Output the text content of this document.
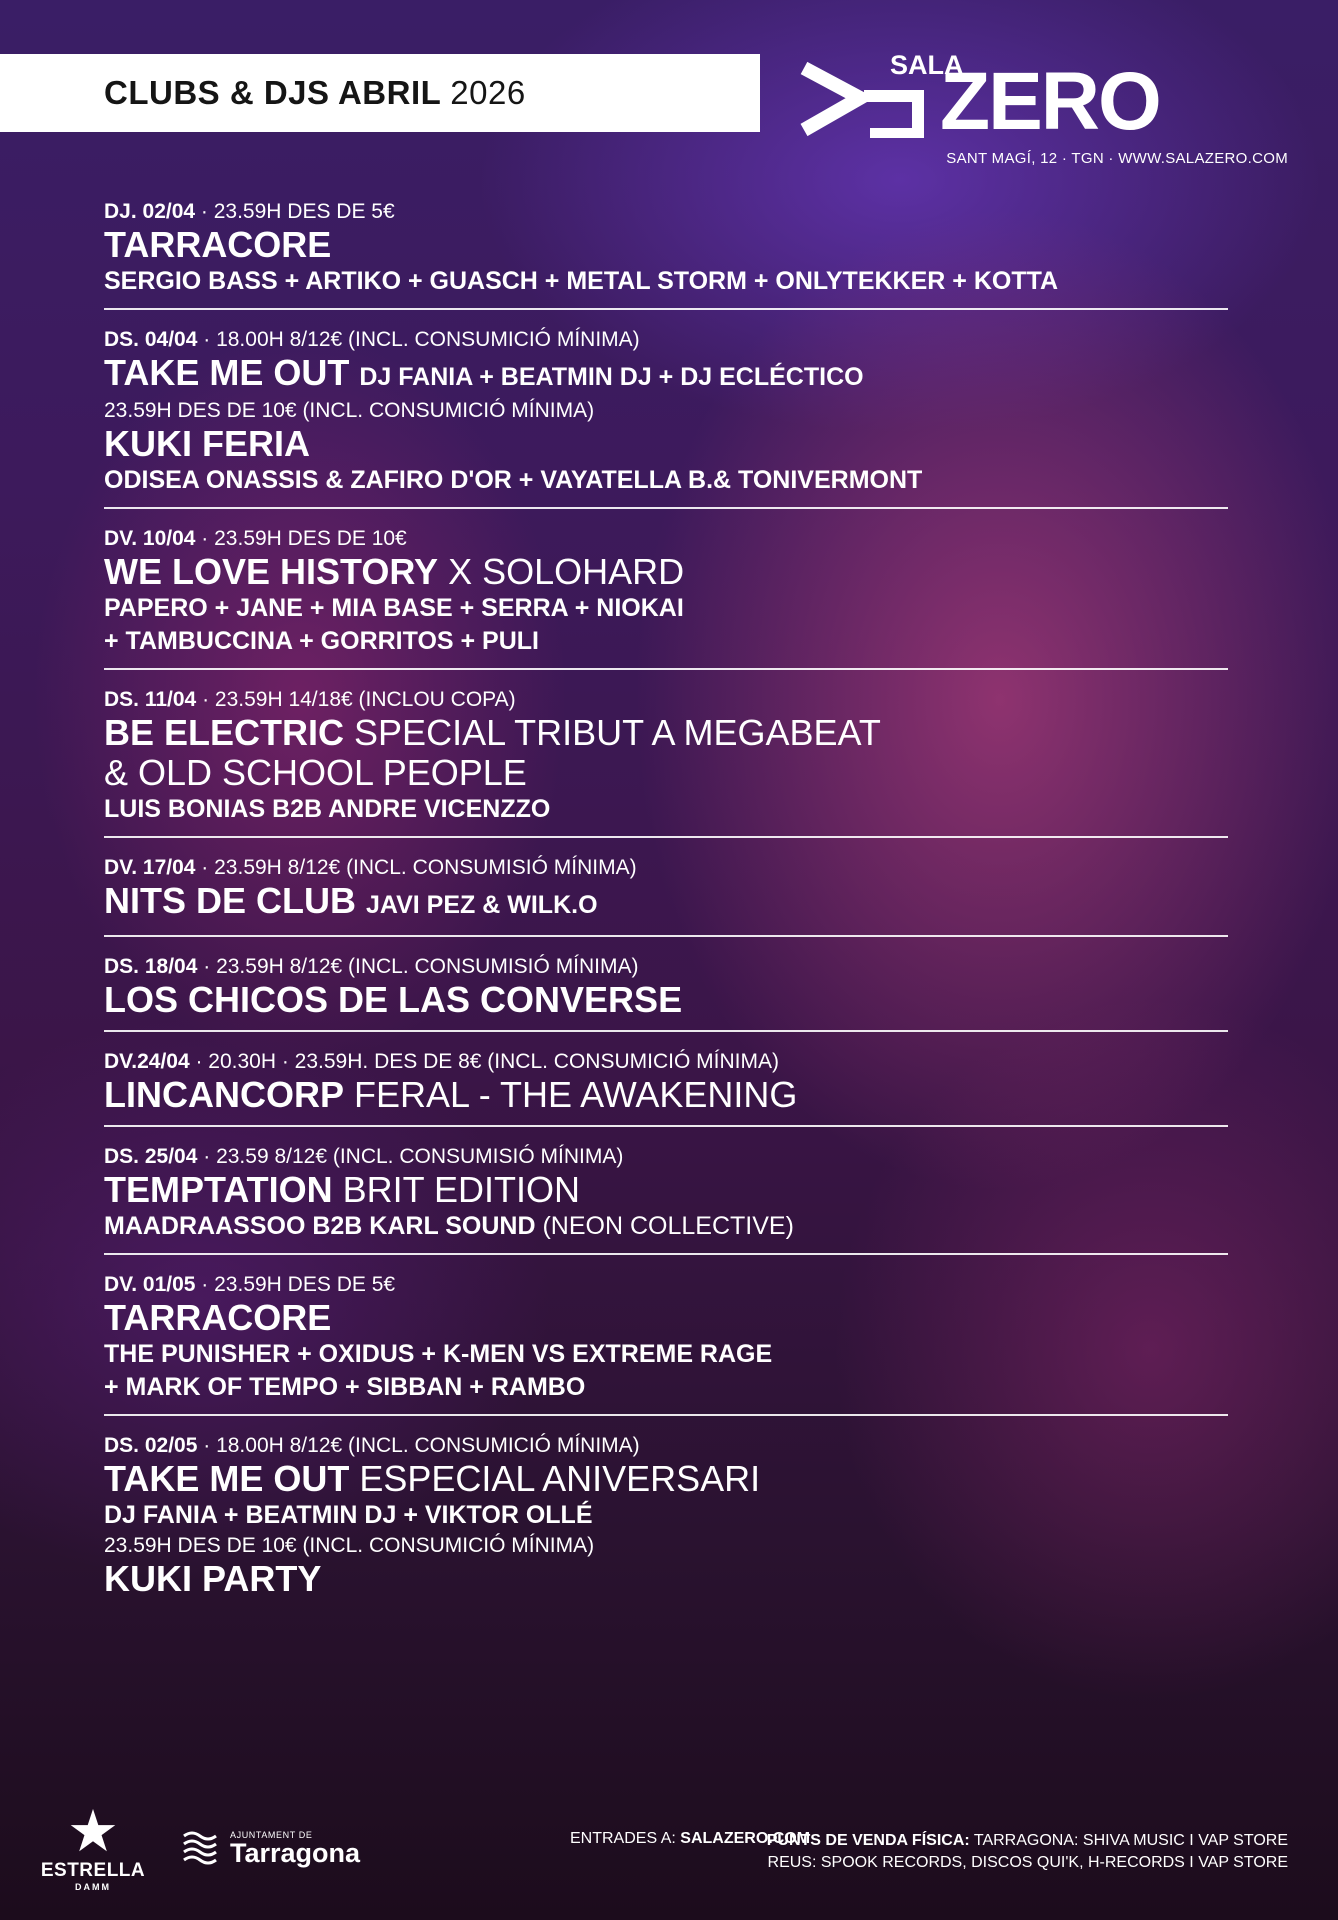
CLUBS & DJS ABRIL 2026
SALA
ZERO
SANT MAGÍ, 12 · TGN · WWW.SALAZERO.COM
DJ. 02/04 · 23.59H DES DE 5€
TARRACORE
SERGIO BASS + ARTIKO + GUASCH + METAL STORM + ONLYTEKKER + KOTTA
DS. 04/04 · 18.00H 8/12€ (INCL. CONSUMICIÓ MÍNIMA)
TAKE ME OUT DJ FANIA + BEATMIN DJ + DJ ECLÉCTICO
23.59H DES DE 10€ (INCL. CONSUMICIÓ MÍNIMA)
KUKI FERIA
ODISEA ONASSIS & ZAFIRO D'OR + VAYATELLA B.& TONIVERMONT
DV. 10/04 · 23.59H DES DE 10€
WE LOVE HISTORY X SOLOHARD
PAPERO + JANE + MIA BASE + SERRA + NIOKAI
+ TAMBUCCINA + GORRITOS + PULI
DS. 11/04 · 23.59H 14/18€ (INCLOU COPA)
BE ELECTRIC SPECIAL TRIBUT A MEGABEAT
& OLD SCHOOL PEOPLE
LUIS BONIAS B2B ANDRE VICENZZO
DV. 17/04 · 23.59H 8/12€ (INCL. CONSUMISIÓ MÍNIMA)
NITS DE CLUB JAVI PEZ & WILK.O
DS. 18/04 · 23.59H 8/12€ (INCL. CONSUMISIÓ MÍNIMA)
LOS CHICOS DE LAS CONVERSE
DV.24/04 · 20.30H · 23.59H. DES DE 8€ (INCL. CONSUMICIÓ MÍNIMA)
LINCANCORP FERAL - THE AWAKENING
DS. 25/04 · 23.59 8/12€ (INCL. CONSUMISIÓ MÍNIMA)
TEMPTATION BRIT EDITION
MAADRAASSOO B2B KARL SOUND (NEON COLLECTIVE)
DV. 01/05 · 23.59H DES DE 5€
TARRACORE
THE PUNISHER + OXIDUS + K-MEN VS EXTREME RAGE
+ MARK OF TEMPO + SIBBAN + RAMBO
DS. 02/05 · 18.00H 8/12€ (INCL. CONSUMICIÓ MÍNIMA)
TAKE ME OUT ESPECIAL ANIVERSARI
DJ FANIA + BEATMIN DJ + VIKTOR OLLÉ
23.59H DES DE 10€ (INCL. CONSUMICIÓ MÍNIMA)
KUKI PARTY
★
ESTRELLA
DAMM
AJUNTAMENT DE
Tarragona	ENTRADES A: SALAZERO.COM
PUNTS DE VENDA FÍSICA: TARRAGONA: SHIVA MUSIC I VAP STORE
REUS: SPOOK RECORDS, DISCOS QUI'K, H-RECORDS I VAP STORE
